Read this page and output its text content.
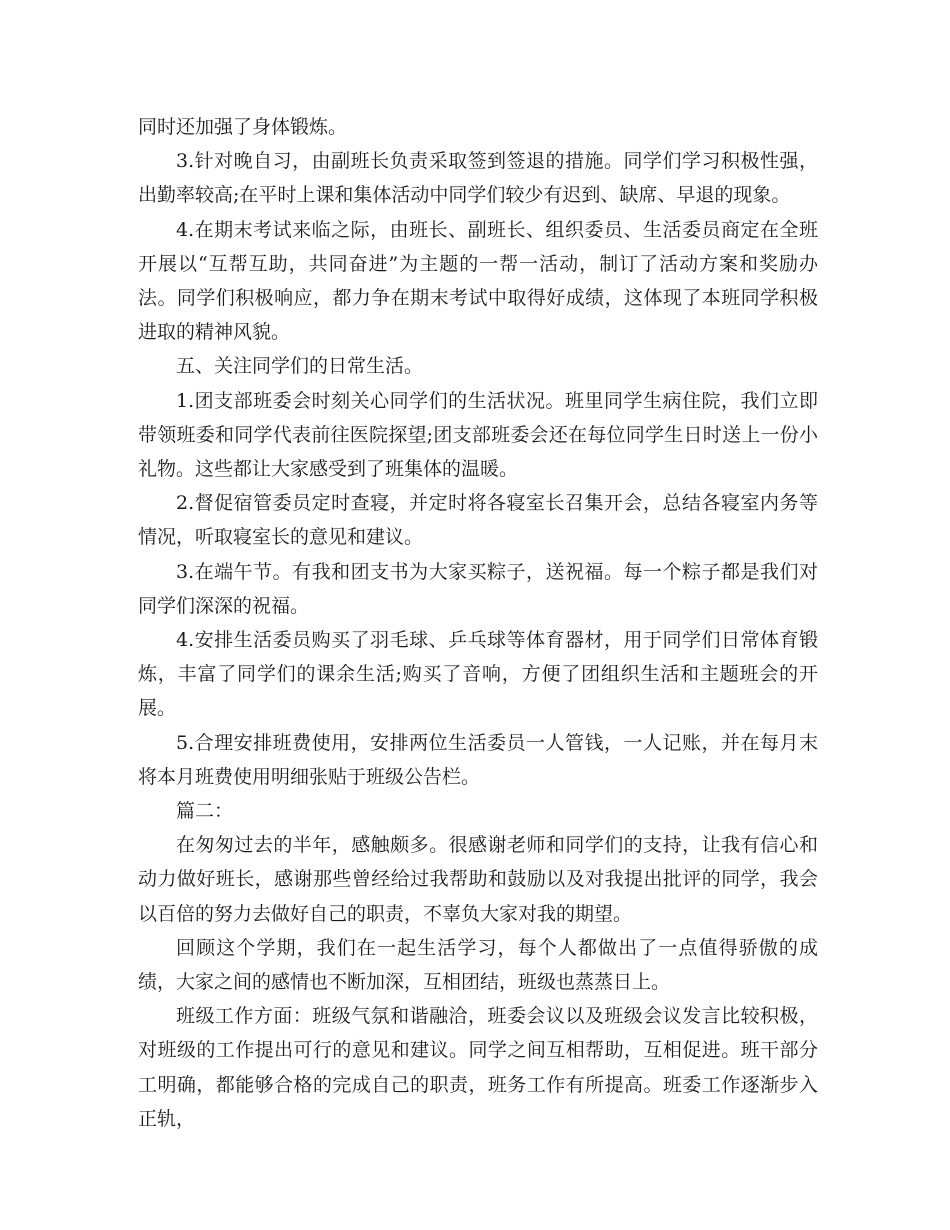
同时还加强了身体锻炼。

3.针对晚自习，由副班长负责采取签到签退的措施。同学们学习积极性强，出勤率较高;在平时上课和集体活动中同学们较少有迟到、缺席、早退的现象。

4.在期末考试来临之际，由班长、副班长、组织委员、生活委员商定在全班开展以“互帮互助，共同奋进”为主题的一帮一活动，制订了活动方案和奖励办法。同学们积极响应，都力争在期末考试中取得好成绩，这体现了本班同学积极进取的精神风貌。

五、关注同学们的日常生活。

1.团支部班委会时刻关心同学们的生活状况。班里同学生病住院，我们立即带领班委和同学代表前往医院探望;团支部班委会还在每位同学生日时送上一份小礼物。这些都让大家感受到了班集体的温暖。

2.督促宿管委员定时查寝，并定时将各寝室长召集开会，总结各寝室内务等情况，听取寝室长的意见和建议。

3.在端午节。有我和团支书为大家买粽子，送祝福。每一个粽子都是我们对同学们深深的祝福。

4.安排生活委员购买了羽毛球、乒乓球等体育器材，用于同学们日常体育锻炼，丰富了同学们的课余生活;购买了音响，方便了团组织生活和主题班会的开展。

5.合理安排班费使用，安排两位生活委员一人管钱，一人记账，并在每月末将本月班费使用明细张贴于班级公告栏。

篇二：

在匆匆过去的半年，感触颇多。很感谢老师和同学们的支持，让我有信心和动力做好班长，感谢那些曾经给过我帮助和鼓励以及对我提出批评的同学，我会以百倍的努力去做好自己的职责，不辜负大家对我的期望。

回顾这个学期，我们在一起生活学习，每个人都做出了一点值得骄傲的成绩，大家之间的感情也不断加深，互相团结，班级也蒸蒸日上。

班级工作方面：班级气氛和谐融洽，班委会议以及班级会议发言比较积极，对班级的工作提出可行的意见和建议。同学之间互相帮助，互相促进。班干部分工明确，都能够合格的完成自己的职责，班务工作有所提高。班委工作逐渐步入正轨，
